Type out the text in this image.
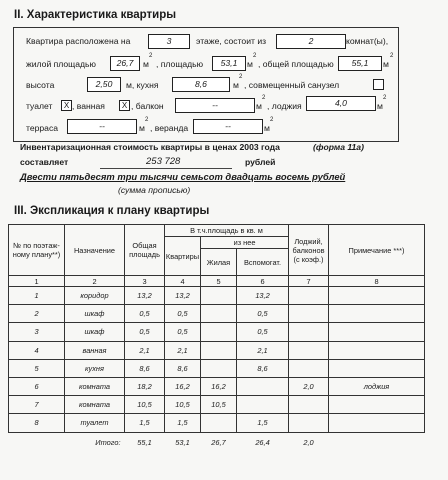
II. Характеристика квартиры
Квартира расположена на	3	этаже, состоит из	2	комнат(ы),
жилой площадью	26,7	м
2
, площадью	53,1	м
2
, общей площадью	55,1	м
2
высота	2,50	м, кухня	8,6	м
2
, совмещенный санузел
туалет	X , ванная	X , балкон	--	м
2
, лоджия	4,0	м
2
терраса	--	м
2
, веранда	--	м
2
Инвентаризационная стоимость квартиры в ценах 2003 года	(форма 11а)
составляет	253 728	рублей
Двести пятьдесят три тысячи семьсот двадцать восемь рублей
(сумма прописью)
III. Экспликация к плану квартиры
№ по поэтаж-ному плану**)	Назначение	Общая площадь	В т.ч.площадь в кв. м			Лоджий, балконов (с коэф.)	Примечание ***)
			Квартиры	из нее			
				Жилая	Вспомогат.		
1	2	3	4	5	6	7	8
1	коридор	13,2	13,2		13,2		
2	шкаф	0,5	0,5		0,5		
3	шкаф	0,5	0,5		0,5		
4	ванная	2,1	2,1		2,1		
5	кухня	8,6	8,6		8,6		
6	комната	18,2	16,2	16,2		2,0	лоджия
7	комната	10,5	10,5	10,5			
8	туалет	1,5	1,5		1,5		
	Итого:	55,1	53,1	26,7	26,4	2,0	
